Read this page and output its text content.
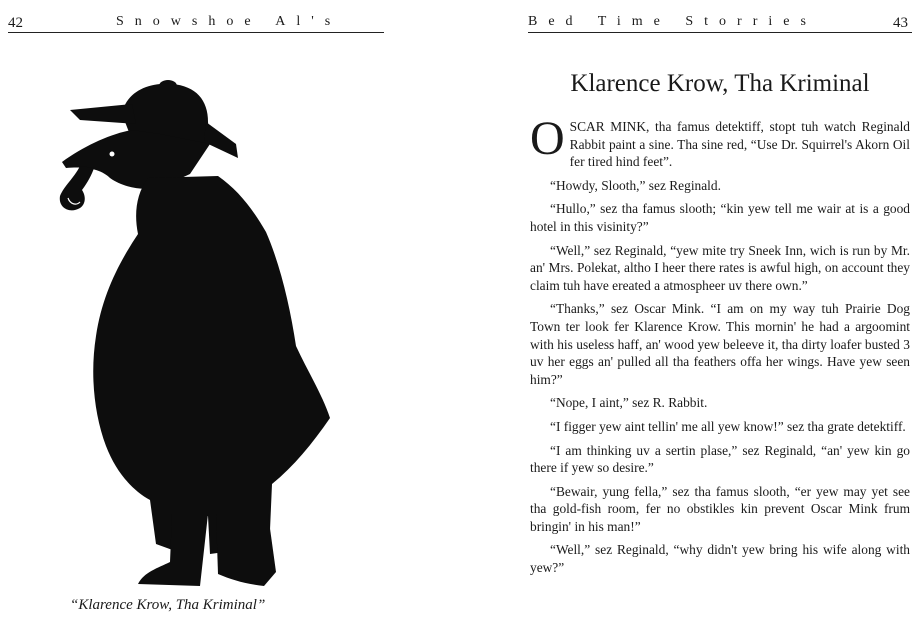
42	Snowshoe Al's
“Klarence Krow, Tha Kriminal”
Bed Time Storries	43
Klarence Krow, Tha Kriminal

OSCAR MINK, tha famus detektiff, stopt tuh watch Reginald Rabbit paint a sine. Tha sine red, “Use Dr. Squirrel's Akorn Oil fer tired hind feet”.

“Howdy, Slooth,” sez Reginald.

“Hullo,” sez tha famus slooth; “kin yew tell me wair at is a good hotel in this visinity?”

“Well,” sez Reginald, “yew mite try Sneek Inn, wich is run by Mr. an' Mrs. Polekat, altho I heer there rates is awful high, on account they claim tuh have ereated a atmospheer uv there own.”

“Thanks,” sez Oscar Mink. “I am on my way tuh Prairie Dog Town ter look fer Klarence Krow. This mornin' he had a argoomint with his useless haff, an' wood yew beleeve it, tha dirty loafer busted 3 uv her eggs an' pulled all tha feathers offa her wings. Have yew seen him?”

“Nope, I aint,” sez R. Rabbit.

“I figger yew aint tellin' me all yew know!” sez tha grate detektiff.

“I am thinking uv a sertin plase,” sez Reginald, “an' yew kin go there if yew so desire.”

“Bewair, yung fella,” sez tha famus slooth, “er yew may yet see tha gold-fish room, fer no obstikles kin prevent Oscar Mink frum bringin' in his man!”

“Well,” sez Reginald, “why didn't yew bring his wife along with yew?”
